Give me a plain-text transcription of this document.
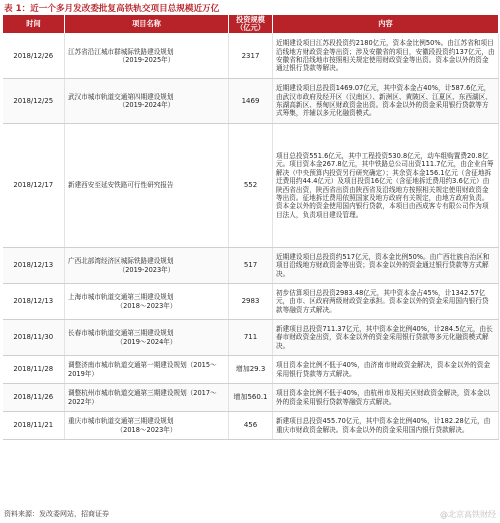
表 1：近一个多月发改委批复高铁轨交项目总规模近万亿
时间	项目名称	投资规模（亿元）	内容
2018/12/26	江苏省沿江城市群城际铁路建设规划
（2019-2025年）	2317	近期建设项目江苏段投资约2180亿元，资本金比例50%。由江苏省和项目沿线地方财政资金等出资；涉及安徽省的项目，安徽段投资约137亿元，由安徽省和沿线地市按照相关规定使用财政资金等出资。资本金以外的资金通过银行贷款等解决。
2018/12/25	武汉市城市轨道交通第四期建设规划
（2019-2024年）	1469	近期建设项目总投资1469.07亿元，其中资本金占40%，计587.6亿元，由武汉市政府及经开区（汉南区）、新洲区、黄陂区、江夏区、东西湖区、东湖高新区、蔡甸区财政资金出资。资本金以外的资金采用银行贷款等方式筹集，并辅以多元化融资模式。
2018/12/17	新建西安至延安铁路可行性研究报告	552	项目总投资551.6亿元，其中工程投资530.8亿元，动车组购置费20.8亿元。项目资本金267.8亿元，其中铁路总公司出资111.7亿元，由企业自筹解决（中央预算内投资另行研究确定）；其余资本金156.1亿元（含征地拆迁费用约44.4亿元）及项目投资16亿元（含征地拆迁费用约3.6亿元）由陕西省出资，陕西省出资由陕西省及沿线地方按照相关规定使用财政资金等出资。征地拆迁费用依照国家及地方政府有关规定，由地方政府负责。资本金以外的资金使用国内银行贷款，本项目由西成客专有限公司作为项目法人，负责项目建设管理。
2018/12/13	广西北部湾经济区城际铁路建设规划
（2019-2023年）	517	近期建设项目总投资约517亿元，资本金比例50%。由广西壮族自治区和项目沿线地方财政资金等出资；资本金以外的资金通过银行贷款等方式解决。
2018/12/13	上海市城市轨道交通第三期建设规划
（2018～2023年）	2983	初步估算项目总投资2983.48亿元，其中资本金占45%，计1342.57亿元，由市、区政府两级财政资金承担。资本金以外的资金采用国内银行贷款等融资方式解决。
2018/11/30	长春市城市轨道交通第三期建设规划
（2019～2024年）	711	新建项目总投资711.37亿元，其中资本金比例40%，计284.5亿元，由长春市财政资金出资，资本金以外的资金采用银行贷款等多元化融资模式解决。
2018/11/28	调整济南市城市轨道交通第一期建设规划（2015～2019年）	增加29.3	项目资本金比例不低于40%，由济南市财政资金解决，资本金以外的资金采用银行贷款等方式解决。
2018/11/26	调整杭州市城市轨道交通第三期建设规划（2017～2022年）	增加560.1	项目资本金比例不低于40%，由杭州市及相关区财政资金解决，资本金以外的资金采用银行贷款等融资方式解决。
2018/11/21	重庆市城市轨道交通第三期建设规划
（2018～2023年）	456	新建项目总投资455.70亿元，其中资本金比例40%，计182.28亿元，由重庆市财政资金解决。资本金以外的资金采用国内银行贷款解决。
资料来源：发改委网站，招商证券	@北京高铁财经
